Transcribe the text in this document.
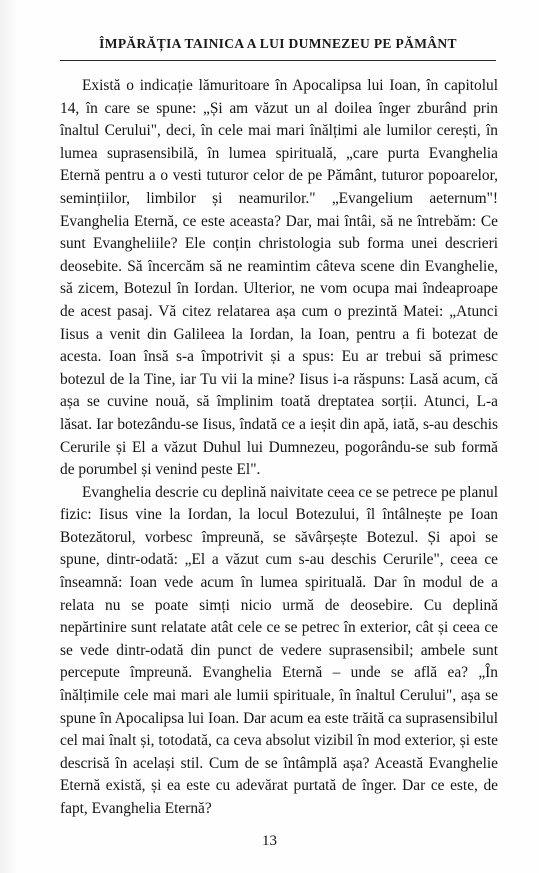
ÎMPĂRĂȚIA TAINICA A LUI DUMNEZEU PE PĂMÂNT

Există o indicație lămuritoare în Apocalipsa lui Ioan, în capitolul 14, în care se spune: „Și am văzut un al doilea înger zburând prin înaltul Cerului", deci, în cele mai mari înălțimi ale lumilor cerești, în lumea suprasensibilă, în lumea spirituală, „care purta Evanghelia Eternă pentru a o vesti tuturor celor de pe Pământ, tuturor popoarelor, semințiilor, limbilor și neamurilor." „Evangelium aeternum"! Evanghelia Eternă, ce este aceasta? Dar, mai întâi, să ne întrebăm: Ce sunt Evangheliile? Ele conțin christologia sub forma unei descrieri deosebite. Să încercăm să ne reamintim câteva scene din Evanghelie, să zicem, Botezul în Iordan. Ulterior, ne vom ocupa mai îndeaproape de acest pasaj. Vă citez relatarea așa cum o prezintă Matei: „Atunci Iisus a venit din Galileea la Iordan, la Ioan, pentru a fi botezat de acesta. Ioan însă s-a împotrivit și a spus: Eu ar trebui să primesc botezul de la Tine, iar Tu vii la mine? Iisus i-a răspuns: Lasă acum, că așa se cuvine nouă, să împlinim toată dreptatea sorții. Atunci, L-a lăsat. Iar botezându-se Iisus, îndată ce a ieșit din apă, iată, s-au deschis Cerurile și El a văzut Duhul lui Dumnezeu, pogorându-se sub formă de porumbel și venind peste El".

Evanghelia descrie cu deplină naivitate ceea ce se petrece pe planul fizic: Iisus vine la Iordan, la locul Botezului, îl întâlnește pe Ioan Botezătorul, vorbesc împreună, se săvârșește Botezul. Și apoi se spune, dintr-odată: „El a văzut cum s-au deschis Cerurile", ceea ce înseamnă: Ioan vede acum în lumea spirituală. Dar în modul de a relata nu se poate simți nicio urmă de deosebire. Cu deplină nepărtinire sunt relatate atât cele ce se petrec în exterior, cât și ceea ce se vede dintr-odată din punct de vedere suprasensibil; ambele sunt percepute împreună. Evanghelia Eternă – unde se află ea? „În înălțimile cele mai mari ale lumii spirituale, în înaltul Cerului", așa se spune în Apocalipsa lui Ioan. Dar acum ea este trăită ca suprasensibilul cel mai înalt și, totodată, ca ceva absolut vizibil în mod exterior, și este descrisă în același stil. Cum de se întâmplă așa? Această Evanghelie Eternă există, și ea este cu adevărat purtată de înger. Dar ce este, de fapt, Evanghelia Eternă?

13
